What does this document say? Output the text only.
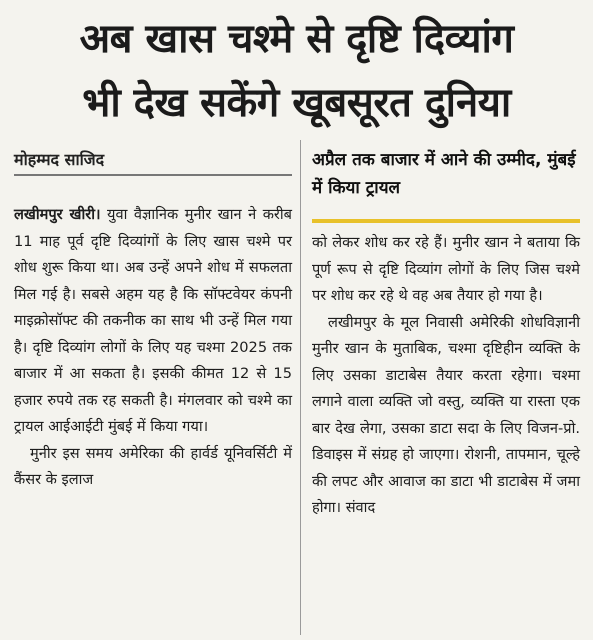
अब खास चश्मे से दृष्टि दिव्यांग
भी देख सकेंगे खूबसूरत दुनिया
मोहम्मद साजिद	अप्रैल तक बाजार में आने की उम्मीद, मुंबई में किया ट्रायल

लखीमपुर खीरी। युवा वैज्ञानिक मुनीर खान ने करीब 11 माह पूर्व दृष्टि दिव्यांगों के लिए खास चश्मे पर शोध शुरू किया था। अब उन्हें अपने शोध में सफलता मिल गई है। सबसे अहम यह है कि सॉफ्टवेयर कंपनी माइक्रोसॉफ्ट की तकनीक का साथ भी उन्हें मिल गया है। दृष्टि दिव्यांग लोगों के लिए यह चश्मा 2025 तक बाजार में आ सकता है। इसकी कीमत 12 से 15 हजार रुपये तक रह सकती है। मंगलवार को चश्मे का ट्रायल आईआईटी मुंबई में किया गया।

मुनीर इस समय अमेरिका की हार्वर्ड यूनिवर्सिटी में कैंसर के इलाज

को लेकर शोध कर रहे हैं। मुनीर खान ने बताया कि पूर्ण रूप से दृष्टि दिव्यांग लोगों के लिए जिस चश्मे पर शोध कर रहे थे वह अब तैयार हो गया है।

लखीमपुर के मूल निवासी अमेरिकी शोधविज्ञानी मुनीर खान के मुताबिक, चश्मा दृष्टिहीन व्यक्ति के लिए उसका डाटाबेस तैयार करता रहेगा। चश्मा लगाने वाला व्यक्ति जो वस्तु, व्यक्ति या रास्ता एक बार देख लेगा, उसका डाटा सदा के लिए विजन-प्रो. डिवाइस में संग्रह हो जाएगा। रोशनी, तापमान, चूल्हे की लपट और आवाज का डाटा भी डाटाबेस में जमा होगा। संवाद
